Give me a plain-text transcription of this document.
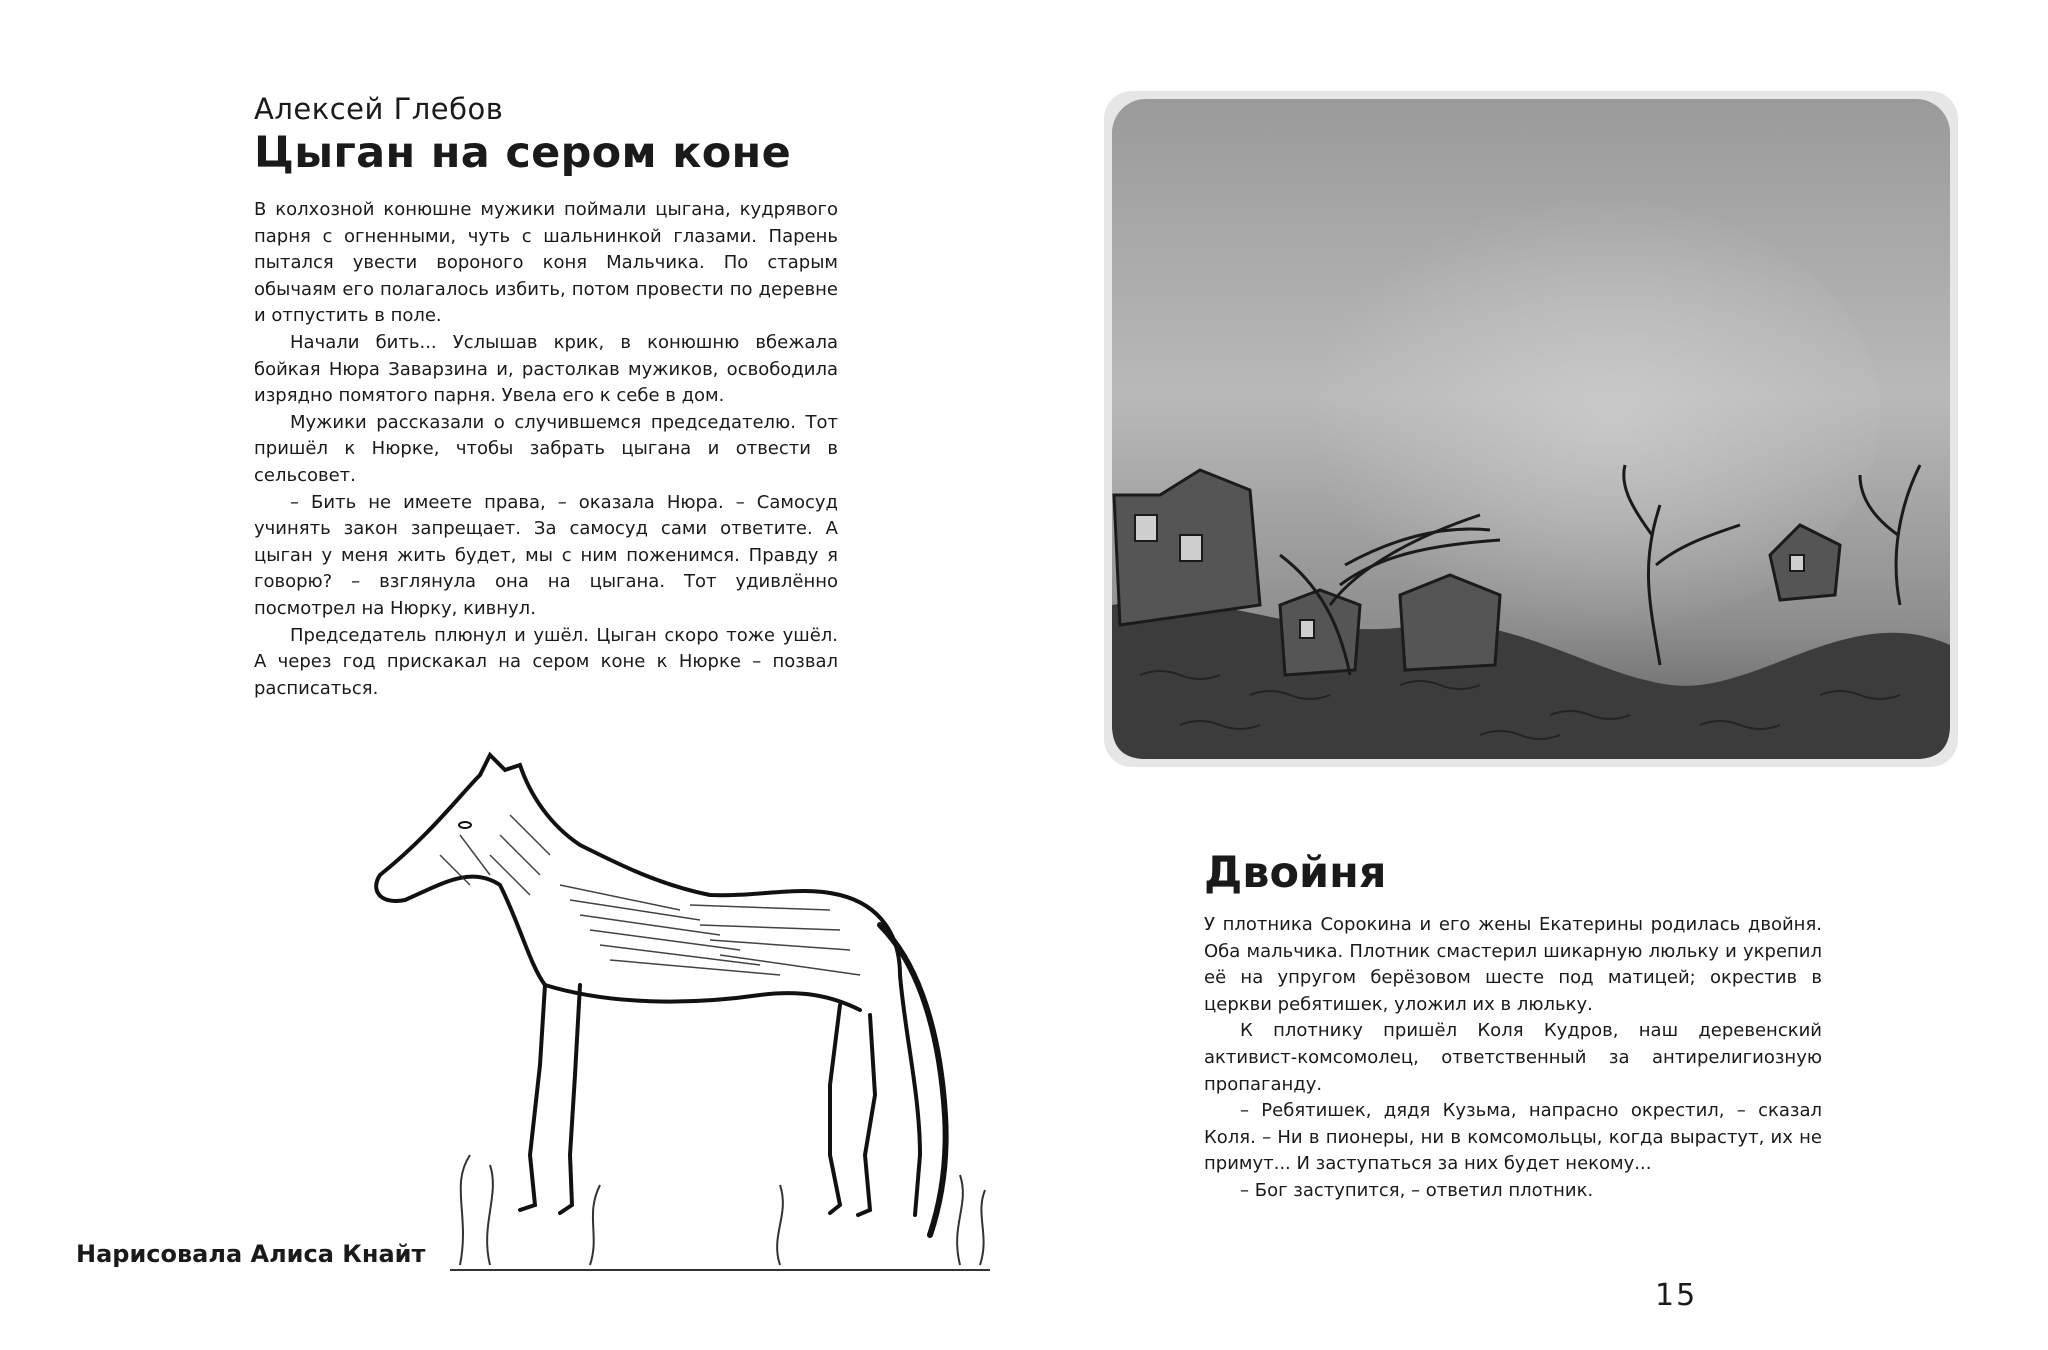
Алексей Глебов
Цыган на сером коне

В колхозной конюшне мужики поймали цыгана, кудрявого парня с огненными, чуть с шальнинкой глазами. Парень пытался увести вороного коня Мальчика. По старым обычаям его полагалось избить, потом провести по деревне и отпустить в поле.

Начали бить... Услышав крик, в конюшню вбежала бойкая Нюра Заварзина и, растолкав мужиков, освободила изрядно помятого парня. Увела его к себе в дом.

Мужики рассказали о случившемся председателю. Тот пришёл к Нюрке, чтобы забрать цыгана и отвести в сельсовет.

– Бить не имеете права, – оказала Нюра. – Самосуд учинять закон запрещает. За самосуд сами ответите. А цыган у меня жить будет, мы с ним поженимся. Правду я говорю? – взглянула она на цыгана. Тот удивлённо посмотрел на Нюрку, кивнул.

Председатель плюнул и ушёл. Цыган скоро тоже ушёл. А через год прискакал на сером коне к Нюрке – позвал расписаться.

Двойня

У плотника Сорокина и его жены Екатерины родилась двойня. Оба мальчика. Плотник смастерил шикарную люльку и укрепил её на упругом берёзовом шесте под матицей; окрестив в церкви ребятишек, уложил их в люльку.

К плотнику пришёл Коля Кудров, наш деревенский активист-комсомолец, ответственный за антирелигиозную пропаганду.

– Ребятишек, дядя Кузьма, напрасно окрестил, – сказал Коля. – Ни в пионеры, ни в комсомольцы, когда вырастут, их не примут... И заступаться за них будет некому...

– Бог заступится, – ответил плотник.

Нарисовала Алиса Кнайт
15
